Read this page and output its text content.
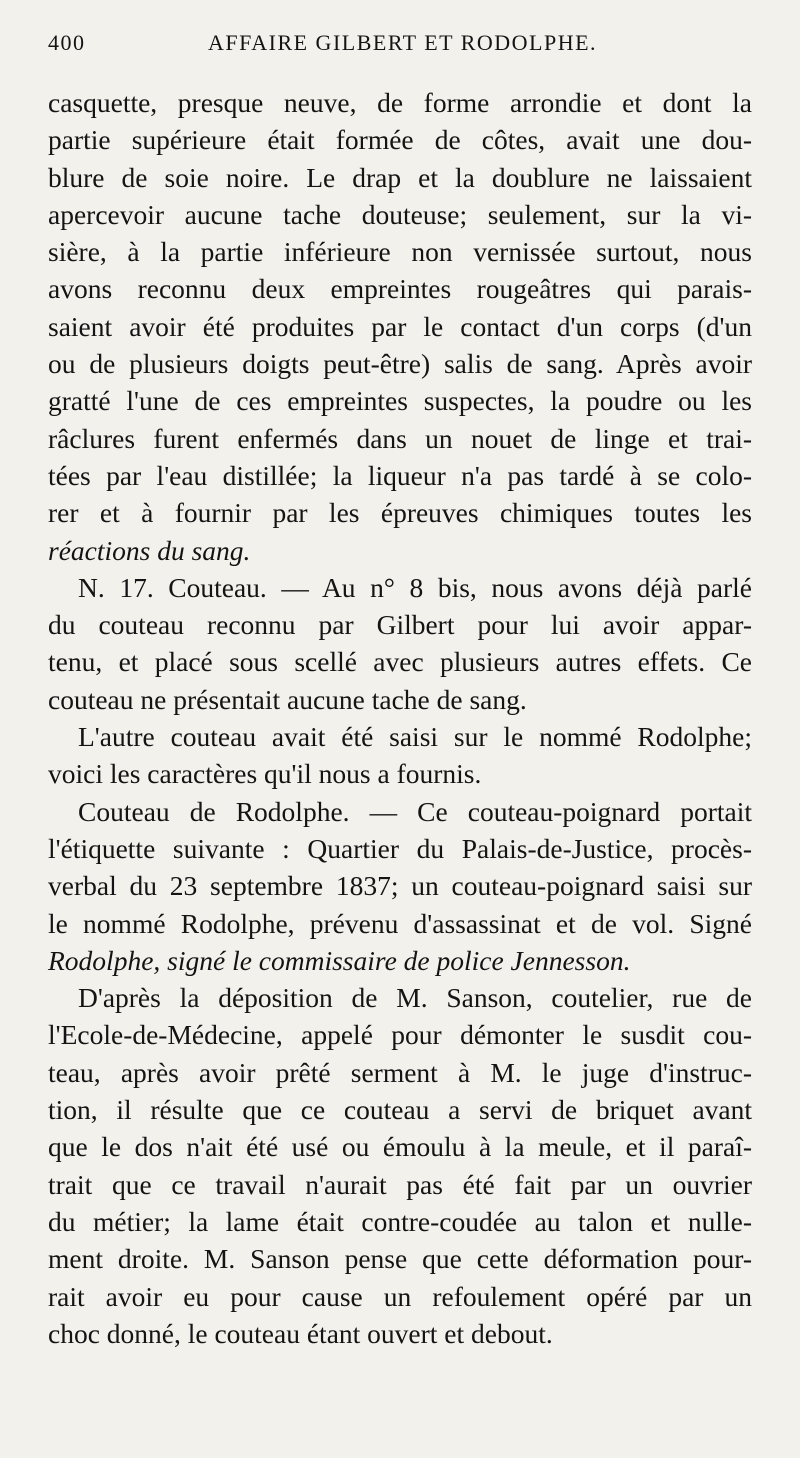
400	AFFAIRE GILBERT ET RODOLPHE.
casquette, presque neuve, de forme arrondie et dont la
partie supérieure était formée de côtes, avait une dou-
blure de soie noire. Le drap et la doublure ne laissaient
apercevoir aucune tache douteuse; seulement, sur la vi-
sière, à la partie inférieure non vernissée surtout, nous
avons reconnu deux empreintes rougeâtres qui parais-
saient avoir été produites par le contact d'un corps (d'un
ou de plusieurs doigts peut-être) salis de sang. Après avoir
gratté l'une de ces empreintes suspectes, la poudre ou les
râclures furent enfermés dans un nouet de linge et trai-
tées par l'eau distillée; la liqueur n'a pas tardé à se colo-
rer et à fournir par les épreuves chimiques toutes les
réactions du sang.
N. 17. Couteau. — Au n° 8 bis, nous avons déjà parlé
du couteau reconnu par Gilbert pour lui avoir appar-
tenu, et placé sous scellé avec plusieurs autres effets. Ce
couteau ne présentait aucune tache de sang.
L'autre couteau avait été saisi sur le nommé Rodolphe;
voici les caractères qu'il nous a fournis.
Couteau de Rodolphe. — Ce couteau-poignard portait
l'étiquette suivante : Quartier du Palais-de-Justice, procès-
verbal du 23 septembre 1837; un couteau-poignard saisi sur
le nommé Rodolphe, prévenu d'assassinat et de vol. Signé
Rodolphe, signé le commissaire de police Jennesson.
D'après la déposition de M. Sanson, coutelier, rue de
l'Ecole-de-Médecine, appelé pour démonter le susdit cou-
teau, après avoir prêté serment à M. le juge d'instruc-
tion, il résulte que ce couteau a servi de briquet avant
que le dos n'ait été usé ou émoulu à la meule, et il paraî-
trait que ce travail n'aurait pas été fait par un ouvrier
du métier; la lame était contre-coudée au talon et nulle-
ment droite. M. Sanson pense que cette déformation pour-
rait avoir eu pour cause un refoulement opéré par un
choc donné, le couteau étant ouvert et debout.
